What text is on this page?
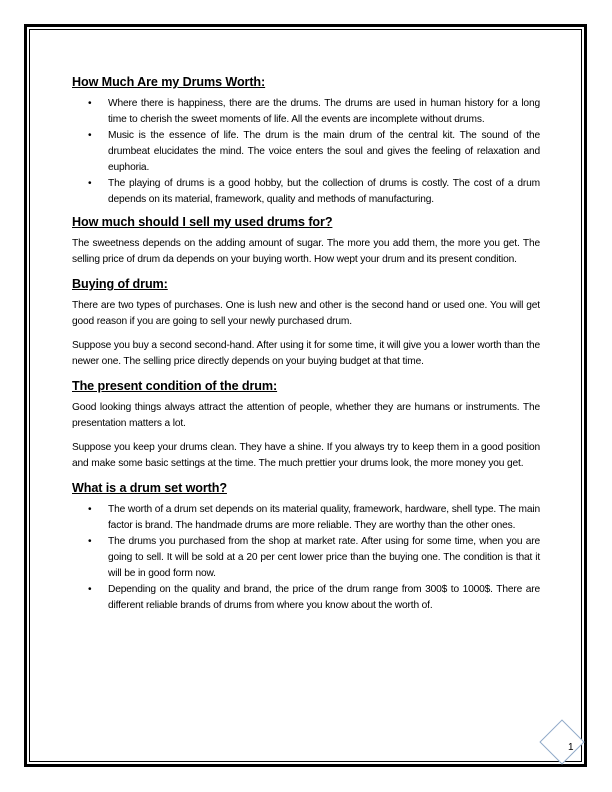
How Much Are my Drums Worth:
• Where there is happiness, there are the drums. The drums are used in human history for a long time to cherish the sweet moments of life. All the events are incomplete without drums.
• Music is the essence of life. The drum is the main drum of the central kit. The sound of the drumbeat elucidates the mind. The voice enters the soul and gives the feeling of relaxation and euphoria.
• The playing of drums is a good hobby, but the collection of drums is costly. The cost of a drum depends on its material, framework, quality and methods of manufacturing.
How much should I sell my used drums for?

The sweetness depends on the adding amount of sugar. The more you add them, the more you get. The selling price of drum da depends on your buying worth. How wept your drum and its present condition.

Buying of drum:

There are two types of purchases. One is lush new and other is the second hand or used one. You will get good reason if you are going to sell your newly purchased drum.

Suppose you buy a second second-hand. After using it for some time, it will give you a lower worth than the newer one. The selling price directly depends on your buying budget at that time.

The present condition of the drum:

Good looking things always attract the attention of people, whether they are humans or instruments. The presentation matters a lot.

Suppose you keep your drums clean. They have a shine. If you always try to keep them in a good position and make some basic settings at the time. The much prettier your drums look, the more money you get.

What is a drum set worth?
• The worth of a drum set depends on its material quality, framework, hardware, shell type. The main factor is brand. The handmade drums are more reliable. They are worthy than the other ones.
• The drums you purchased from the shop at market rate. After using for some time, when you are going to sell. It will be sold at a 20 per cent lower price than the buying one. The condition is that it will be in good form now.
• Depending on the quality and brand, the price of the drum range from 300$ to 1000$. There are different reliable brands of drums from where you know about the worth of.
1
